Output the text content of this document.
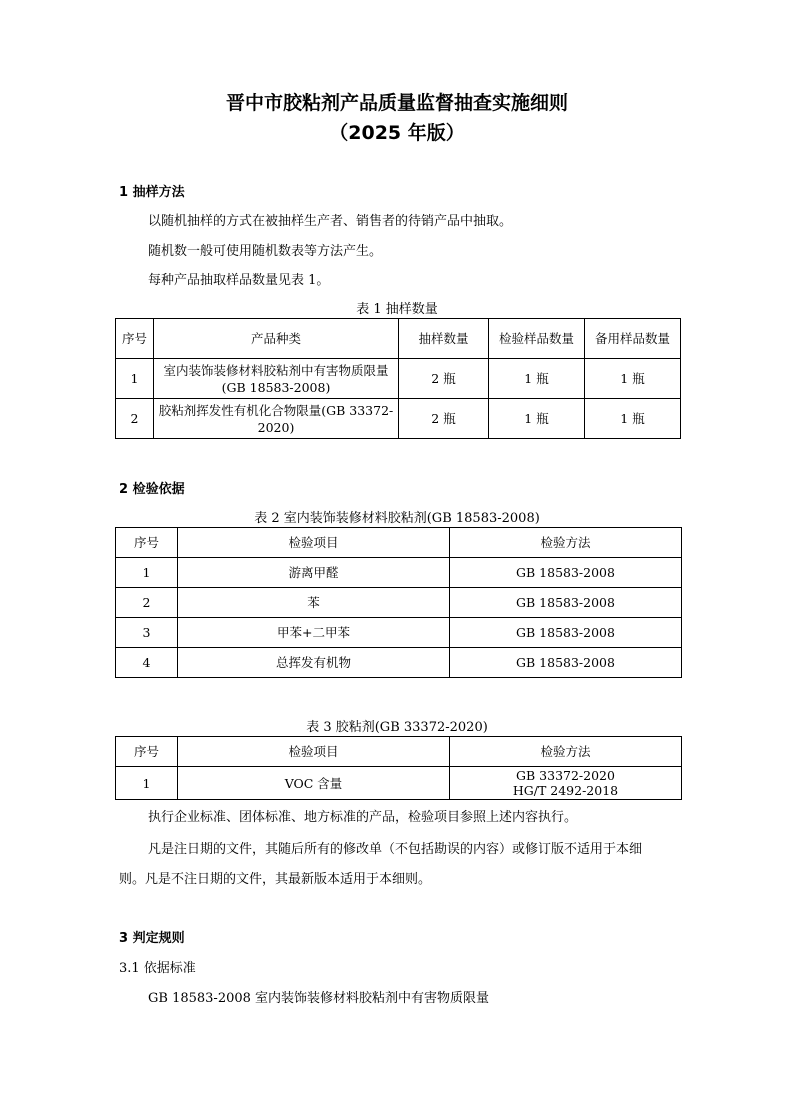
晋中市胶粘剂产品质量监督抽查实施细则
（2025 年版）
1 抽样方法
以随机抽样的方式在被抽样生产者、销售者的待销产品中抽取。
随机数一般可使用随机数表等方法产生。
每种产品抽取样品数量见表 1。
表 1 抽样数量
序号	产品种类	抽样数量	检验样品数量	备用样品数量
1	室内装饰装修材料胶粘剂中有害物质限量(GB 18583-2008)	2 瓶	1 瓶	1 瓶
2	胶粘剂挥发性有机化合物限量(GB 33372-2020)	2 瓶	1 瓶	1 瓶
2 检验依据
表 2 室内装饰装修材料胶粘剂(GB 18583-2008)
序号	检验项目	检验方法
1	游离甲醛	GB 18583-2008
2	苯	GB 18583-2008
3	甲苯+二甲苯	GB 18583-2008
4	总挥发有机物	GB 18583-2008
表 3 胶粘剂(GB 33372-2020)
序号	检验项目	检验方法
1	VOC 含量	GB 33372-2020
HG/T 2492-2018
执行企业标准、团体标准、地方标准的产品，检验项目参照上述内容执行。
凡是注日期的文件，其随后所有的修改单（不包括勘误的内容）或修订版不适用于本细
则。凡是不注日期的文件，其最新版本适用于本细则。
3 判定规则
3.1 依据标准
GB 18583-2008 室内装饰装修材料胶粘剂中有害物质限量
